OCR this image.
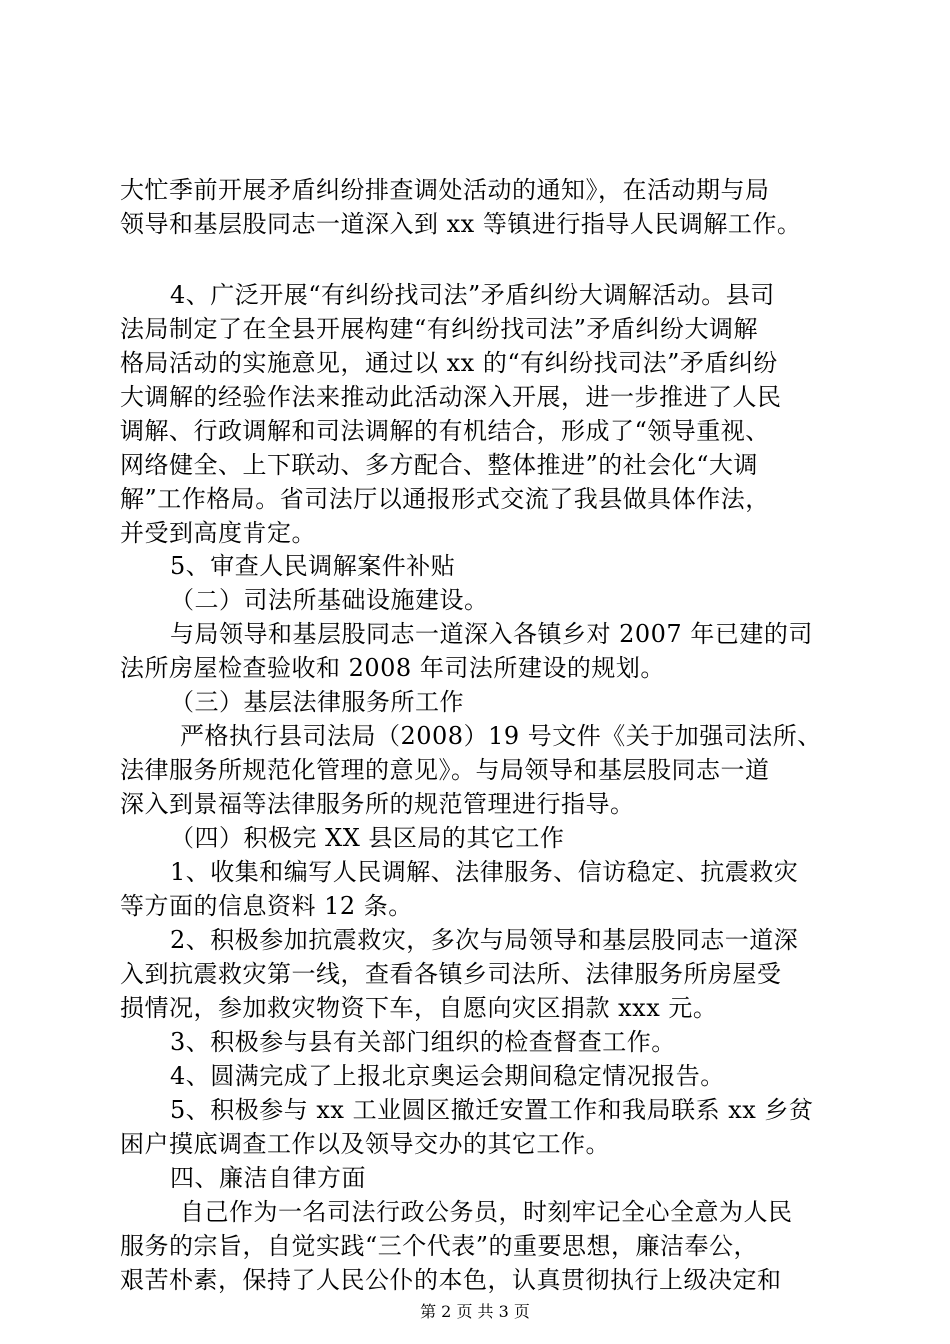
大忙季前开展矛盾纠纷排查调处活动的通知》，在活动期与局
领导和基层股同志一道深入到 xx 等镇进行指导人民调解工作。
4、广泛开展“有纠纷找司法”矛盾纠纷大调解活动。县司
法局制定了在全县开展构建“有纠纷找司法”矛盾纠纷大调解
格局活动的实施意见，通过以 xx 的“有纠纷找司法”矛盾纠纷
大调解的经验作法来推动此活动深入开展，进一步推进了人民
调解、行政调解和司法调解的有机结合，形成了“领导重视、
网络健全、上下联动、多方配合、整体推进”的社会化“大调
解”工作格局。省司法厅以通报形式交流了我县做具体作法，
并受到高度肯定。
5、审查人民调解案件补贴
（二）司法所基础设施建设。
与局领导和基层股同志一道深入各镇乡对 2007 年已建的司
法所房屋检查验收和 2008 年司法所建设的规划。
（三）基层法律服务所工作
严格执行县司法局（2008）19 号文件《关于加强司法所、
法律服务所规范化管理的意见》。与局领导和基层股同志一道
深入到景福等法律服务所的规范管理进行指导。
（四）积极完 XX 县区局的其它工作
1、收集和编写人民调解、法律服务、信访稳定、抗震救灾
等方面的信息资料 12 条。
2、积极参加抗震救灾，多次与局领导和基层股同志一道深
入到抗震救灾第一线，查看各镇乡司法所、法律服务所房屋受
损情况，参加救灾物资下车，自愿向灾区捐款 xxx 元。
3、积极参与县有关部门组织的检查督查工作。
4、圆满完成了上报北京奥运会期间稳定情况报告。
5、积极参与 xx 工业圆区撤迁安置工作和我局联系 xx 乡贫
困户摸底调查工作以及领导交办的其它工作。
四、廉洁自律方面
自己作为一名司法行政公务员，时刻牢记全心全意为人民
服务的宗旨，自觉实践“三个代表”的重要思想，廉洁奉公，
艰苦朴素，保持了人民公仆的本色，认真贯彻执行上级决定和
第 2 页 共 3 页
